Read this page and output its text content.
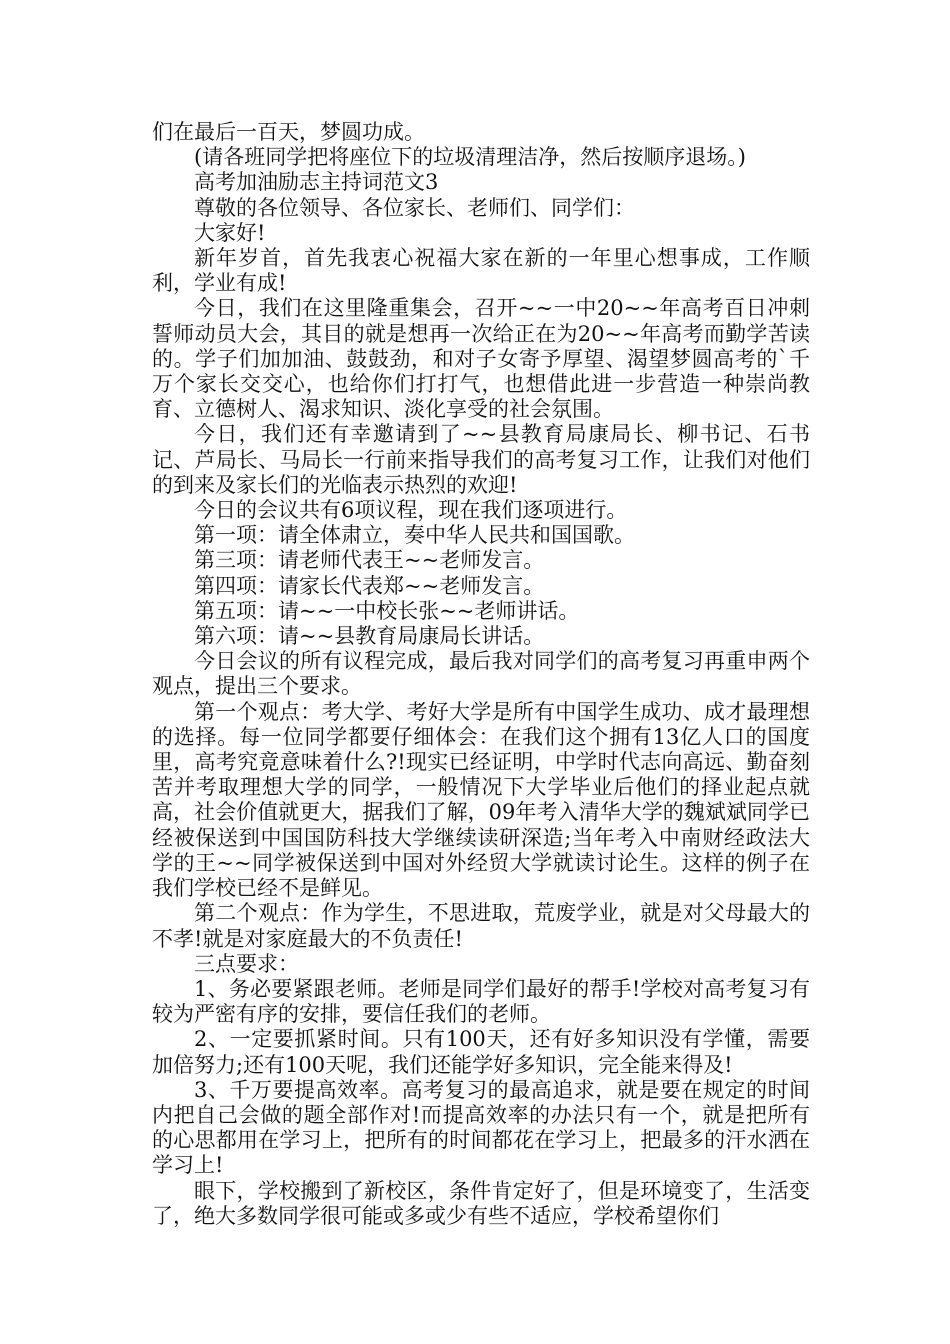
们在最后一百天，梦圆功成。

(请各班同学把将座位下的垃圾清理洁净，然后按顺序退场。)

高考加油励志主持词范文3

尊敬的各位领导、各位家长、老师们、同学们：

大家好!

新年岁首，首先我衷心祝福大家在新的一年里心想事成，工作顺利，学业有成!

今日，我们在这里隆重集会，召开~~一中20~~年高考百日冲刺誓师动员大会，其目的就是想再一次给正在为20~~年高考而勤学苦读的。学子们加加油、鼓鼓劲，和对子女寄予厚望、渴望梦圆高考的`千万个家长交交心，也给你们打打气，也想借此进一步营造一种崇尚教育、立德树人、渴求知识、淡化享受的社会氛围。

今日，我们还有幸邀请到了~~县教育局康局长、柳书记、石书记、芦局长、马局长一行前来指导我们的高考复习工作，让我们对他们的到来及家长们的光临表示热烈的欢迎!

今日的会议共有6项议程，现在我们逐项进行。

第一项：请全体肃立，奏中华人民共和国国歌。

第三项：请老师代表王~~老师发言。

第四项：请家长代表郑~~老师发言。

第五项：请~~一中校长张~~老师讲话。

第六项：请~~县教育局康局长讲话。

今日会议的所有议程完成，最后我对同学们的高考复习再重申两个观点，提出三个要求。

第一个观点：考大学、考好大学是所有中国学生成功、成才最理想的选择。每一位同学都要仔细体会：在我们这个拥有13亿人口的国度里，高考究竟意味着什么?!现实已经证明，中学时代志向高远、勤奋刻苦并考取理想大学的同学，一般情况下大学毕业后他们的择业起点就高，社会价值就更大，据我们了解，09年考入清华大学的魏斌斌同学已经被保送到中国国防科技大学继续读研深造;当年考入中南财经政法大学的王~~同学被保送到中国对外经贸大学就读讨论生。这样的例子在我们学校已经不是鲜见。

第二个观点：作为学生，不思进取，荒废学业，就是对父母最大的不孝!就是对家庭最大的不负责任!

三点要求：

1、务必要紧跟老师。老师是同学们最好的帮手!学校对高考复习有较为严密有序的安排，要信任我们的老师。

2、一定要抓紧时间。只有100天，还有好多知识没有学懂，需要加倍努力;还有100天呢，我们还能学好多知识，完全能来得及!

3、千万要提高效率。高考复习的最高追求，就是要在规定的时间内把自己会做的题全部作对!而提高效率的办法只有一个，就是把所有的心思都用在学习上，把所有的时间都花在学习上，把最多的汗水洒在学习上!

眼下，学校搬到了新校区，条件肯定好了，但是环境变了，生活变了，绝大多数同学很可能或多或少有些不适应，学校希望你们
